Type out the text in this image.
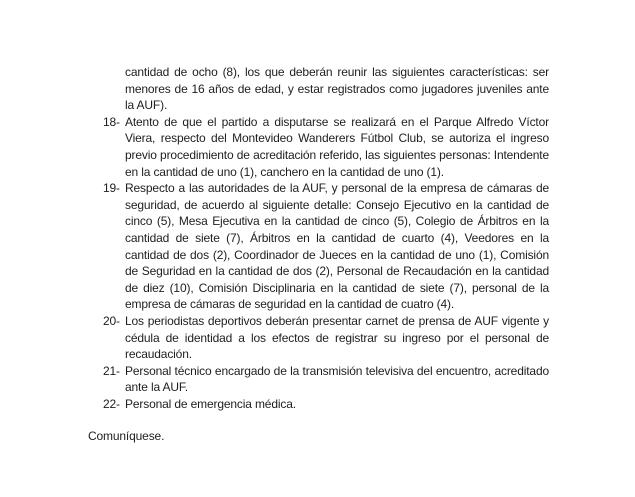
cantidad de ocho (8), los que deberán reunir las siguientes características: ser menores de 16 años de edad, y estar registrados como jugadores juveniles ante la AUF).

18- Atento de que el partido a disputarse se realizará en el Parque Alfredo Víctor Viera, respecto del Montevideo Wanderers Fútbol Club, se autoriza el ingreso previo procedimiento de acreditación referido, las siguientes personas: Intendente en la cantidad de uno (1), canchero en la cantidad de uno (1).
19- Respecto a las autoridades de la AUF, y personal de la empresa de cámaras de seguridad, de acuerdo al siguiente detalle: Consejo Ejecutivo en la cantidad de cinco (5), Mesa Ejecutiva en la cantidad de cinco (5), Colegio de Árbitros en la cantidad de siete (7), Árbitros en la cantidad de cuarto (4), Veedores en la cantidad de dos (2), Coordinador de Jueces en la cantidad de uno (1), Comisión de Seguridad en la cantidad de dos (2), Personal de Recaudación en la cantidad de diez (10), Comisión Disciplinaria en la cantidad de siete (7), personal de la empresa de cámaras de seguridad en la cantidad de cuatro (4).
20- Los periodistas deportivos deberán presentar carnet de prensa de AUF vigente y cédula de identidad a los efectos de registrar su ingreso por el personal de recaudación.
21- Personal técnico encargado de la transmisión televisiva del encuentro, acreditado ante la AUF.
22- Personal de emergencia médica.

Comuníquese.
